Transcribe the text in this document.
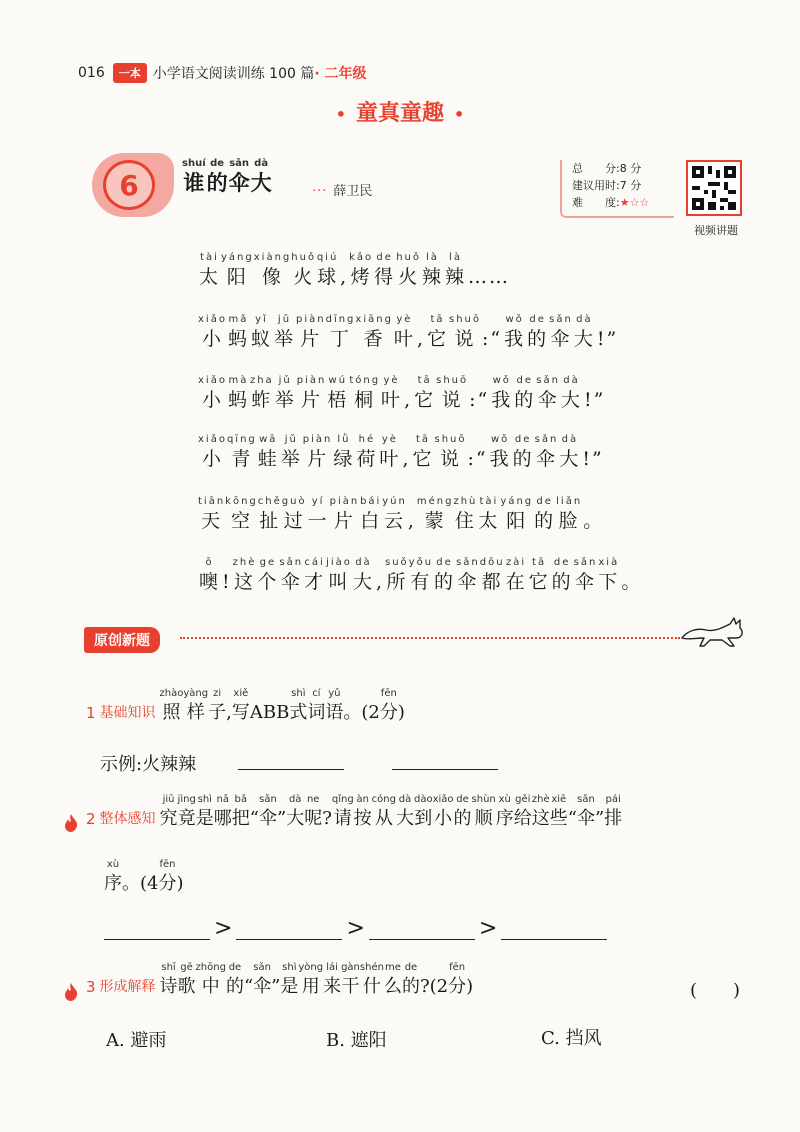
016	一本 小学语文阅读训练 100 篇 · 二年级
• 童真童趣 •
6
shuí
谁
de
的
sǎn
伞
dà
大	··· 薛卫民
总　　分:8 分
建议用时:7 分
难　　度:★☆☆
视频讲题
tài
太
yáng
阳
xiàng
像
huǒ
火
qiú
球
,
kǎo
烤
de
得
huǒ
火
là
辣
là
辣
……
xiǎo
小
mǎ
蚂
yǐ
蚁
jǔ
举
piàn
片
dīng
丁
xiāng
香
yè
叶
,
tā
它
shuō
说
:“
wǒ
我
de
的
sǎn
伞
dà
大
!”
xiǎo
小
mà
蚂
zha
蚱
jǔ
举
piàn
片
wú
梧
tóng
桐
yè
叶
,
tā
它
shuō
说
:“
wǒ
我
de
的
sǎn
伞
dà
大
!”
xiǎo
小
qīng
青
wā
蛙
jǔ
举
piàn
片
lǜ
绿
hé
荷
yè
叶
,
tā
它
shuō
说
:“
wǒ
我
de
的
sǎn
伞
dà
大
!”
tiān
天
kōng
空
chě
扯
guò
过
yí
一
piàn
片
bái
白
yún
云
,
méng
蒙
zhù
住
tài
太
yáng
阳
de
的
liǎn
脸
。
ō
噢
!
zhè
这
ge
个
sǎn
伞
cái
才
jiào
叫
dà
大
,
suǒ
所
yǒu
有
de
的
sǎn
伞
dōu
都
zài
在
tā
它
de
的
sǎn
伞
xià
下
。
原创新题
1 基础知识
zhào
照
yàng
样
zi
子
,
xiě
写
ABB
shì
式
cí
词
yǔ
语
。(2
fēn
分
)
示例:火辣辣
2 整体感知
jiū
究
jìng
竟
shì
是
nǎ
哪
bǎ
把
“
sǎn
伞
”
dà
大
ne
呢
?
qǐng
请
àn
按
cóng
从
dà
大
dào
到
xiǎo
小
de
的
shùn
顺
xù
序
gěi
给
zhè
这
xiē
些
“
sǎn
伞
”
pái
排
xù
序
。(4
fēn
分
)
>	>	>
3 形成解释
shī
诗
gē
歌
zhōng
中
de
的
“
sǎn
伞
”
shì
是
yòng
用
lái
来
gàn
干
shén
什
me
么
de
的
?(2
fēn
分
)	(　　)
A. 避雨	B. 遮阳	C. 挡风
